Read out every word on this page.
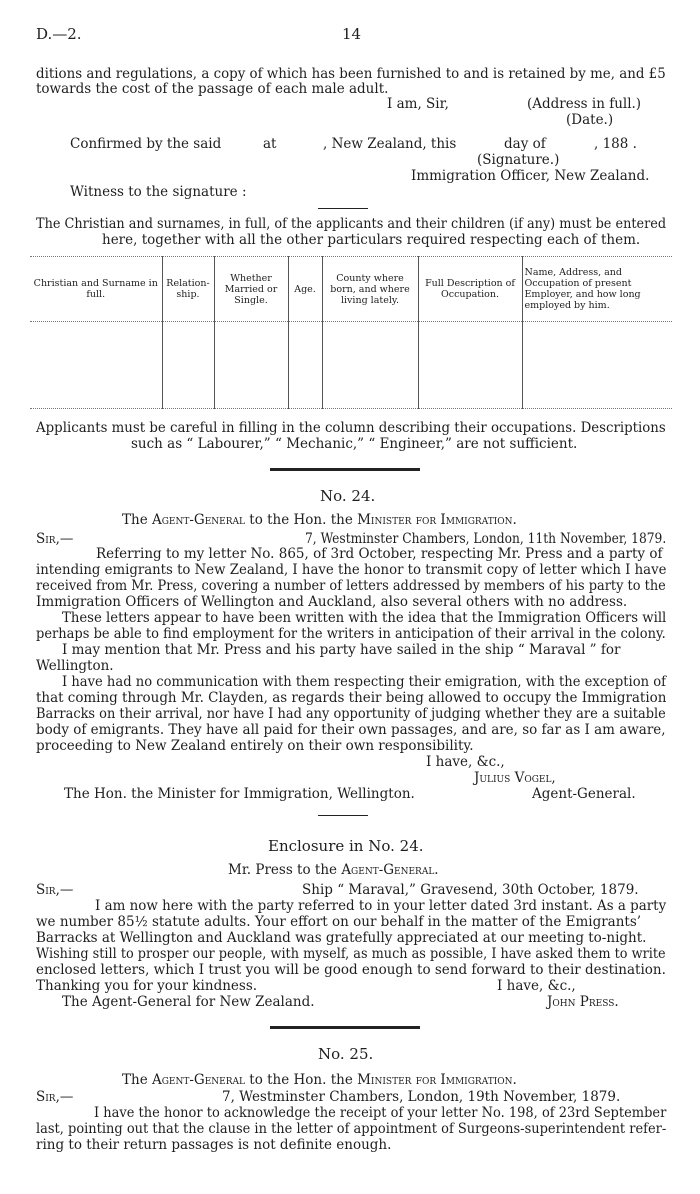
D.—2.	14
ditions and regulations, a copy of which has been furnished to and is retained by me, and £5
towards the cost of the passage of each male adult.
I am, Sir,	(Address in full.)
(Date.)
Confirmed by the said	at	, New Zealand, this	day of	, 188 .
(Signature.)
Immigration Officer, New Zealand.
Witness to the signature :
The Christian and surnames, in full, of the applicants and their children (if any) must be entered
here, together with all the other particulars required respecting each of them.
Christian and Surname in full.	Relation-ship.	Whether Married or Single.	Age.	County where born, and where living lately.	Full Description of Occupation.	Name, Address, and Occupation of present Employer, and how long employed by him.

Applicants must be careful in filling in the column describing their occupations. Descriptions
such as “ Labourer,” “ Mechanic,” “ Engineer,” are not sufficient.
No. 24.
The Agent-General to the Hon. the Minister for Immigration.
Sir,—	7, Westminster Chambers, London, 11th November, 1879.
Referring to my letter No. 865, of 3rd October, respecting Mr. Press and a party of
intending emigrants to New Zealand, I have the honor to transmit copy of letter which I have
received from Mr. Press, covering a number of letters addressed by members of his party to the
Immigration Officers of Wellington and Auckland, also several others with no address.
These letters appear to have been written with the idea that the Immigration Officers will
perhaps be able to find employment for the writers in anticipation of their arrival in the colony.
I may mention that Mr. Press and his party have sailed in the ship “ Maraval ” for
Wellington.
I have had no communication with them respecting their emigration, with the exception of
that coming through Mr. Clayden, as regards their being allowed to occupy the Immigration
Barracks on their arrival, nor have I had any opportunity of judging whether they are a suitable
body of emigrants. They have all paid for their own passages, and are, so far as I am aware,
proceeding to New Zealand entirely on their own responsibility.
I have, &c.,
Julius Vogel,
The Hon. the Minister for Immigration, Wellington.	Agent-General.
Enclosure in No. 24.
Mr. Press to the Agent-General.
Sir,—	Ship “ Maraval,” Gravesend, 30th October, 1879.
I am now here with the party referred to in your letter dated 3rd instant. As a party
we number 85½ statute adults. Your effort on our behalf in the matter of the Emigrants’
Barracks at Wellington and Auckland was gratefully appreciated at our meeting to-night.
Wishing still to prosper our people, with myself, as much as possible, I have asked them to write
enclosed letters, which I trust you will be good enough to send forward to their destination.
Thanking you for your kindness.	I have, &c.,
The Agent-General for New Zealand.	John Press.
No. 25.
The Agent-General to the Hon. the Minister for Immigration.
Sir,—	7, Westminster Chambers, London, 19th November, 1879.
I have the honor to acknowledge the receipt of your letter No. 198, of 23rd September
last, pointing out that the clause in the letter of appointment of Surgeons-superintendent refer-
ring to their return passages is not definite enough.
